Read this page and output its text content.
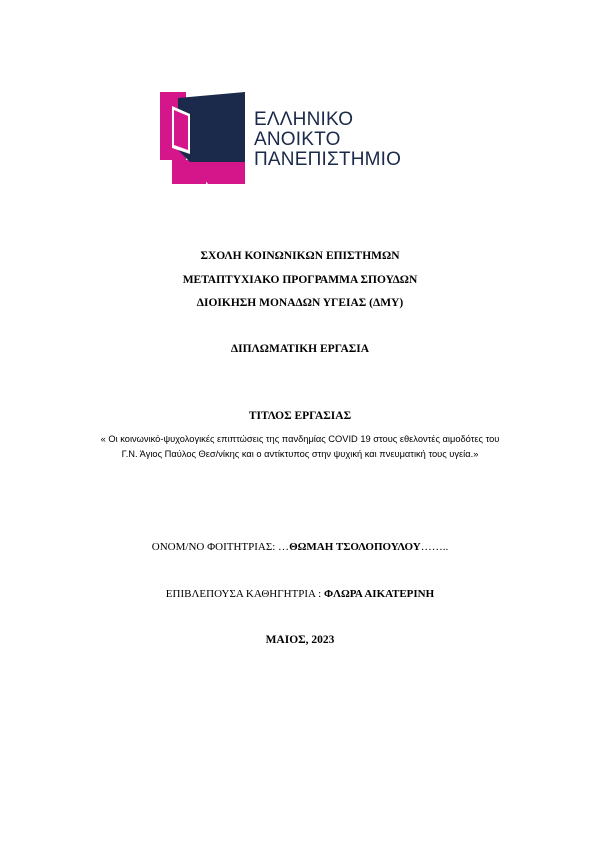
ΕΛΛΗΝΙΚΟ
ΑΝΟΙΚΤΟ
ΠΑΝΕΠΙΣΤΗΜΙΟ
ΣΧΟΛΗ ΚΟΙΝΩΝΙΚΩΝ ΕΠΙΣΤΗΜΩΝ
ΜΕΤΑΠΤΥΧΙΑΚΟ ΠΡΟΓΡΑΜΜΑ ΣΠΟΥΔΩΝ
ΔΙΟΙΚΗΣΗ ΜΟΝΑΔΩΝ ΥΓΕΙΑΣ (ΔΜΥ)
ΔΙΠΛΩΜΑΤΙΚΗ ΕΡΓΑΣΙΑ
ΤΙΤΛΟΣ ΕΡΓΑΣΙΑΣ
« Οι κοινωνικό-ψυχολογικές επιπτώσεις της πανδημίας COVID 19 στους εθελοντές αιμοδότες του
Γ.Ν. Άγιος Παύλος Θεσ/νίκης και ο αντίκτυπος στην ψυχική και πνευματική τους υγεία.»
ΟΝΟΜ/ΝΟ ΦΟΙΤΗΤΡΙΑΣ: …ΘΩΜΑΗ ΤΣΟΛΟΠΟΥΛΟΥ……..
ΕΠΙΒΛΕΠΟΥΣΑ ΚΑΘΗΓΗΤΡΙΑ : ΦΛΩΡΑ ΑΙΚΑΤΕΡΙΝΗ
ΜΑΙΟΣ, 2023
